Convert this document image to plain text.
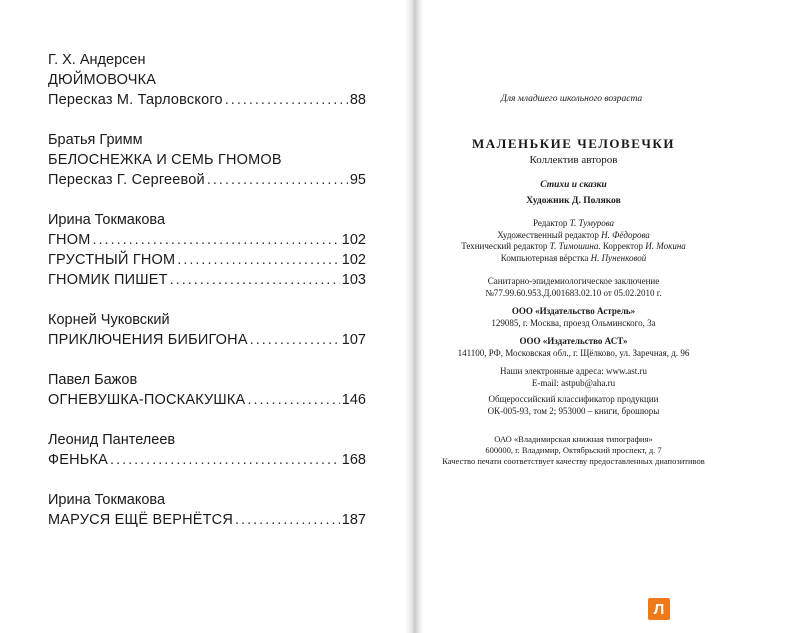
Г. Х. Андерсен
ДЮЙМОВОЧКА
Пересказ М. Тарловского .....	88
Братья Гримм
БЕЛОСНЕЖКА И СЕМЬ ГНОМОВ
Пересказ Г. Сергеевой .....	95
Ирина Токмакова
ГНОМ .....	102
ГРУСТНЫЙ ГНОМ .....	102
ГНОМИК ПИШЕТ .....	103
Корней Чуковский
ПРИКЛЮЧЕНИЯ БИБИГОНА .....	107
Павел Бажов
ОГНЕВУШКА-ПОСКАКУШКА .....	146
Леонид Пантелеев
ФЕНЬКА .....	168
Ирина Токмакова
МАРУСЯ ЕЩЁ ВЕРНЁТСЯ .....	187
Для младшего школьного возраста
МАЛЕНЬКИЕ ЧЕЛОВЕЧКИ
Коллектив авторов
Стихи и сказки
Художник Д. Поляков
Редактор Т. Тумурова
Художественный редактор Н. Фёдорова
Технический редактор Т. Тимошина. Корректор И. Мокина
Компьютерная вёрстка Н. Пуненковой
Санитарно-эпидемиологическое заключение
№77.99.60.953.Д.001683.02.10 от 05.02.2010 г.
ООО «Издательство Астрель»
129085, г. Москва, проезд Ольминского, 3а
ООО «Издательство АСТ»
141100, РФ, Московская обл., г. Щёлково, ул. Заречная, д. 96
Наши электронные адреса: www.ast.ru
E-mail: astpub@aha.ru
Общероссийский классификатор продукции
ОК-005-93, том 2; 953000 – книги, брошюры
ОАО «Владимирская книжная типография»
600000, г. Владимир, Октябрьский проспект, д. 7
Качество печати соответствует качеству предоставленных диапозитивов
Л
